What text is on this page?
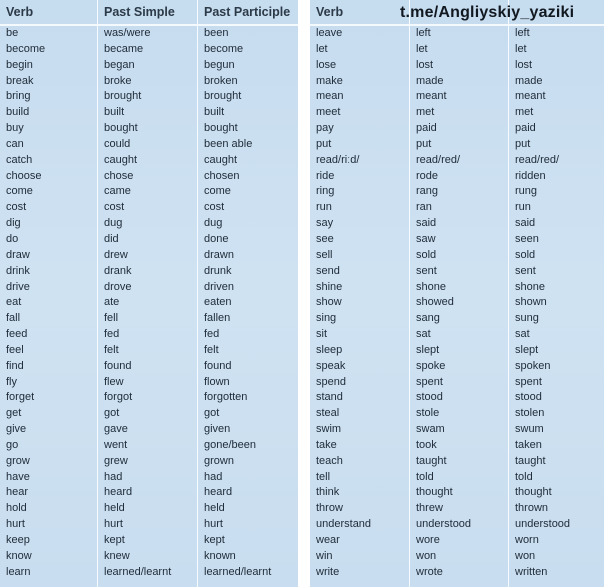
Verb
be
become
begin
break
bring
build
buy
can
catch
choose
come
cost
dig
do
draw
drink
drive
eat
fall
feed
feel
find
fly
forget
get
give
go
grow
have
hear
hold
hurt
keep
know
learn
Past Simple
was/were
became
began
broke
brought
built
bought
could
caught
chose
came
cost
dug
did
drew
drank
drove
ate
fell
fed
felt
found
flew
forgot
got
gave
went
grew
had
heard
held
hurt
kept
knew
learned/learnt
Past Participle
been
become
begun
broken
brought
built
bought
been able
caught
chosen
come
cost
dug
done
drawn
drunk
driven
eaten
fallen
fed
felt
found
flown
forgotten
got
given
gone/been
grown
had
heard
held
hurt
kept
known
learned/learnt
Verb
leave
let
lose
make
mean
meet
pay
put
read/riːd/
ride
ring
run
say
see
sell
send
shine
show
sing
sit
sleep
speak
spend
stand
steal
swim
take
teach
tell
think
throw
understand
wear
win
write
left
let
lost
made
meant
met
paid
put
read/red/
rode
rang
ran
said
saw
sold
sent
shone
showed
sang
sat
slept
spoke
spent
stood
stole
swam
took
taught
told
thought
threw
understood
wore
won
wrote
left
let
lost
made
meant
met
paid
put
read/red/
ridden
rung
run
said
seen
sold
sent
shone
shown
sung
sat
slept
spoken
spent
stood
stolen
swum
taken
taught
told
thought
thrown
understood
worn
won
written
t.me/Angliyskiy_yaziki
